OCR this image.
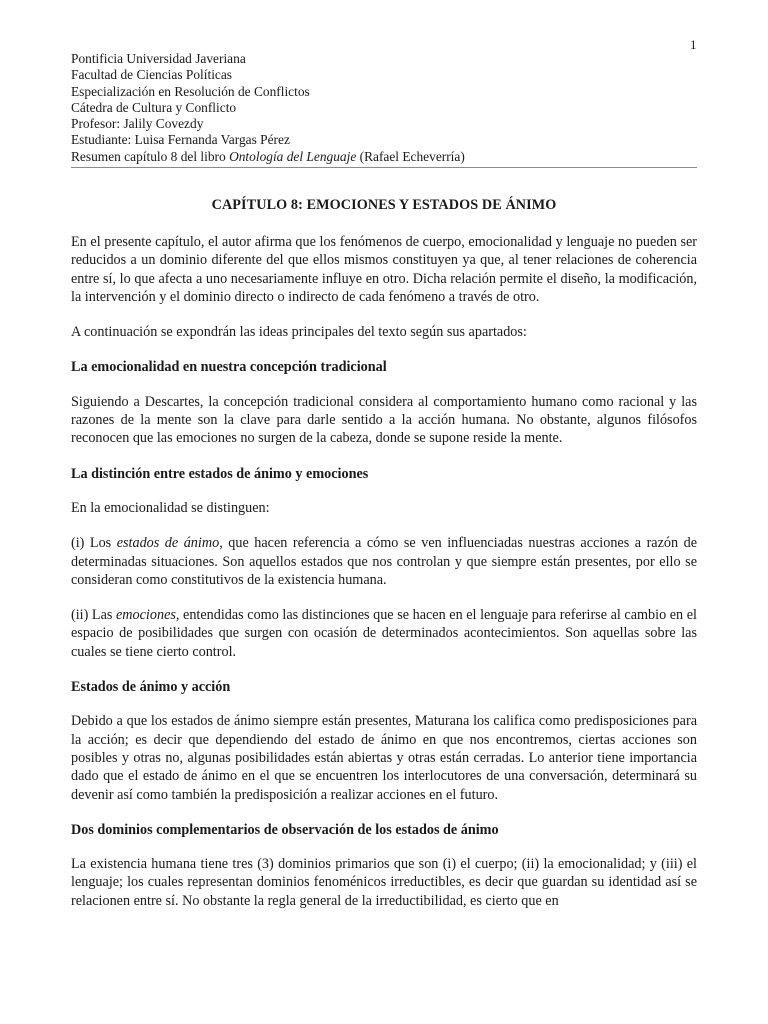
1
Pontificia Universidad Javeriana
Facultad de Ciencias Políticas
Especialización en Resolución de Conflictos
Cátedra de Cultura y Conflicto
Profesor: Jalily Covezdy
Estudiante: Luisa Fernanda Vargas Pérez
Resumen capítulo 8 del libro Ontología del Lenguaje (Rafael Echeverría)
CAPÍTULO 8: EMOCIONES Y ESTADOS DE ÁNIMO

En el presente capítulo, el autor afirma que los fenómenos de cuerpo, emocionalidad y lenguaje no pueden ser reducidos a un dominio diferente del que ellos mismos constituyen ya que, al tener relaciones de coherencia entre sí, lo que afecta a uno necesariamente influye en otro. Dicha relación permite el diseño, la modificación, la intervención y el dominio directo o indirecto de cada fenómeno a través de otro.

A continuación se expondrán las ideas principales del texto según sus apartados:

La emocionalidad en nuestra concepción tradicional

Siguiendo a Descartes, la concepción tradicional considera al comportamiento humano como racional y las razones de la mente son la clave para darle sentido a la acción humana. No obstante, algunos filósofos reconocen que las emociones no surgen de la cabeza, donde se supone reside la mente.

La distinción entre estados de ánimo y emociones

En la emocionalidad se distinguen:

(i) Los estados de ánimo, que hacen referencia a cómo se ven influenciadas nuestras acciones a razón de determinadas situaciones. Son aquellos estados que nos controlan y que siempre están presentes, por ello se consideran como constitutivos de la existencia humana.

(ii) Las emociones, entendidas como las distinciones que se hacen en el lenguaje para referirse al cambio en el espacio de posibilidades que surgen con ocasión de determinados acontecimientos. Son aquellas sobre las cuales se tiene cierto control.

Estados de ánimo y acción

Debido a que los estados de ánimo siempre están presentes, Maturana los califica como predisposiciones para la acción; es decir que dependiendo del estado de ánimo en que nos encontremos, ciertas acciones son posibles y otras no, algunas posibilidades están abiertas y otras están cerradas. Lo anterior tiene importancia dado que el estado de ánimo en el que se encuentren los interlocutores de una conversación, determinará su devenir así como también la predisposición a realizar acciones en el futuro.

Dos dominios complementarios de observación de los estados de ánimo

La existencia humana tiene tres (3) dominios primarios que son (i) el cuerpo; (ii) la emocionalidad; y (iii) el lenguaje; los cuales representan dominios fenoménicos irreductibles, es decir que guardan su identidad así se relacionen entre sí. No obstante la regla general de la irreductibilidad, es cierto que en
